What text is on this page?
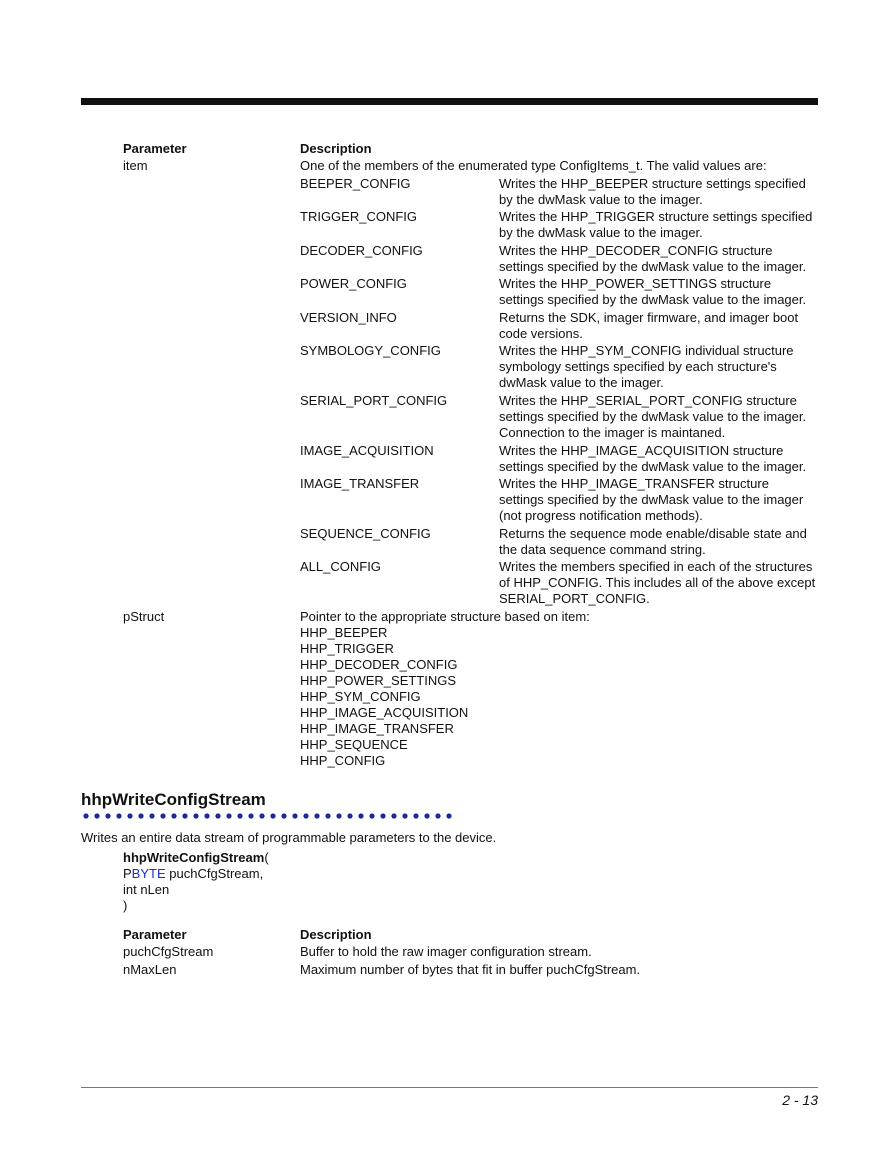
Parameter	Description
item	One of the members of the enumerated type ConfigItems_t. The valid values are:
BEEPER_CONFIG	Writes the HHP_BEEPER structure settings specified
by the dwMask value to the imager.
TRIGGER_CONFIG	Writes the HHP_TRIGGER structure settings specified
by the dwMask value to the imager.
DECODER_CONFIG	Writes the HHP_DECODER_CONFIG structure
settings specified by the dwMask value to the imager.
POWER_CONFIG	Writes the HHP_POWER_SETTINGS structure
settings specified by the dwMask value to the imager.
VERSION_INFO	Returns the SDK, imager firmware, and imager boot
code versions.
SYMBOLOGY_CONFIG	Writes the HHP_SYM_CONFIG individual structure
symbology settings specified by each structure's
dwMask value to the imager.
SERIAL_PORT_CONFIG	Writes the HHP_SERIAL_PORT_CONFIG structure
settings specified by the dwMask value to the imager.
Connection to the imager is maintaned.
IMAGE_ACQUISITION	Writes the HHP_IMAGE_ACQUISITION structure
settings specified by the dwMask value to the imager.
IMAGE_TRANSFER	Writes the HHP_IMAGE_TRANSFER structure
settings specified by the dwMask value to the imager
(not progress notification methods).
SEQUENCE_CONFIG	Returns the sequence mode enable/disable state and
the data sequence command string.
ALL_CONFIG	Writes the members specified in each of the structures
of HHP_CONFIG. This includes all of the above except
SERIAL_PORT_CONFIG.
pStruct	Pointer to the appropriate structure based on item:
HHP_BEEPER
HHP_TRIGGER
HHP_DECODER_CONFIG
HHP_POWER_SETTINGS
HHP_SYM_CONFIG
HHP_IMAGE_ACQUISITION
HHP_IMAGE_TRANSFER
HHP_SEQUENCE
HHP_CONFIG
hhpWriteConfigStream
Writes an entire data stream of programmable parameters to the device.
hhpWriteConfigStream(
PBYTE puchCfgStream,
int nLen
)
Parameter	Description
puchCfgStream	Buffer to hold the raw imager configuration stream.
nMaxLen	Maximum number of bytes that fit in buffer puchCfgStream.
2 - 13
